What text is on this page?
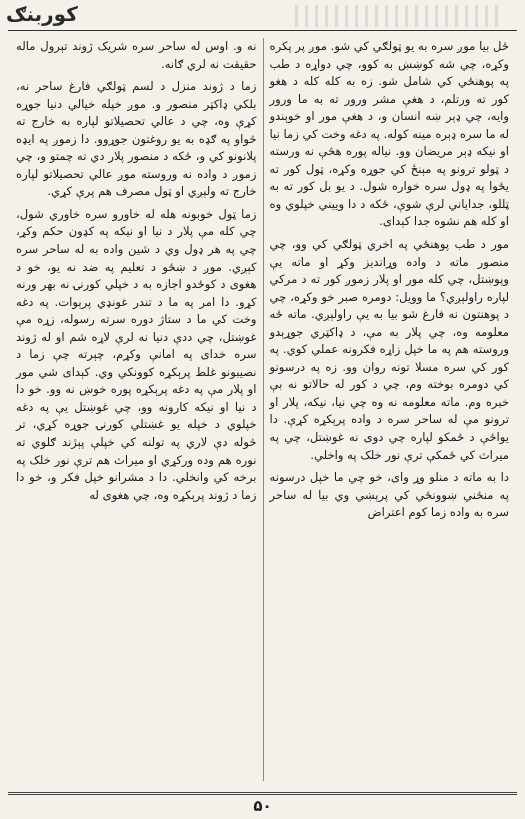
کوربنګ

ځل بیا موږ سره به یو ټولګي کي شو. موږ پر پکره وکړه، چي شه کوښښ به کوو، چي دواړه د طب په پوهنځي کي شامل شو. زه به کله کله د هغو کور ته ورتلم، د هغې مشر ورور ته به ما ورور وایه، چي ډېر ښه انسان و، د هغې مور او خوېندو له ما سره ډېره مینه کوله. په دغه وخت کي زما نیا او نیکه ډېر مریضان وو. نیاله پوره هڅې نه ورسته د ټولو ترونو په مېنځ کي جوړه وکړه، ټول کور ته یځوا په ډول سره خواره شول. د یو بل کور ته به ټللو، جدایاني لرې شوې، ځکه د دا وییني خپلوي وه او کله هم نشوه جدا کېدای.

مور د طب پوهنځي په اخري ټولګي کي وو، چي منصور ماته د واده وړاندیز وکړ او ماته یې وپوښتل، چي کله مور او پلار زموږ کور ته د مرکي لپاره راولېږي؟ ما وویل: دومره صبر خو وکړه، چي د پوهنتون نه فارغ شو بیا به یې راولېږي. ماته ځه معلومه وه، چي پلار به مې، د ډاکټري جوړېدو وروسته هم په ما خپل زاړه فکرونه عملي کوي. په کور کي سره مسلا تونه روان وو. زه په درسونو کي دومره بوخته وم، چي د کور له حالاتو نه بې خبره وم. ماته معلومه نه وه چي نیا، نیکه، پلار او ترونو مې له ساحر سره د واده پرېکړه کړې. دا یواځې د ځمکو لپاره چي دوی نه غوښتل، چي په میراث کي ځمکې ترې نور خلک په واخلي.

دا به ماته د منلو وړ وای، خو چي ما خپل درسونه په منځني ښوونځي کي پرېښي وي بیا له ساحر سره به واده زما کوم اعتراض

نه و. اوس له ساحر سره شریک ژوند تېرول ماله حقیقت نه لري ګانه.

زما د ژوند منزل د لسم ټولګي فارغ ساحر نه، بلکي ډاکټر منصور و. موږ خپله خیالي دنیا جوړه کړې وه، چي د عالي تحصیلاتو لپاره به خارج ته څواو په ګډه به یو روغتون جوړوو. دا زموږ په ایډه پلانونو کي و، ځکه د منصور پلار دي ته چمتو و، چي زموږ د واده نه وروسته موږ عالي تحصیلاتو لپاره خارج ته ولېږي او ټول مصرف هم پرې کړي.

زما ټول خوبونه هله له خاورو سره خاوري شول، چي کله مې پلار د نیا او نیکه په کډون حکم وکړ، چي په هر ډول وي د شین واده به له ساحر سره کېږي. موږ د ښځو د تعلیم په ضد نه یو، خو د هغوی د کوځدو اجازه به د خپلي کورنۍ نه بهر ورنه کړو. دا امر په ما د تندر غونډي پرېوات. په دغه وخت کي ما د ستاژ دوره سرته رسوله، زړه مې غوښتل، چي ددې دنیا نه لرې لاړه شم او له ژوند سره خدای په امانې وکړم، چېرته چې زما د نصیبونو غلط پرېکړه کوونکي وي. کېدای شي مور او پلار مې په دغه پرېکړه پوره خوښ نه وو. خو دا د نیا او نیکه کارونه وو، چي غوښتل یې په دغه خپلوي د خپله یو غښتلي کورنۍ جوړه کړي، تر څوله دې لاري په تولنه کي خپلې پېژند ګلوي ته نوره هم وده ورکړي او میراث هم ترې نور خلک په برخه کي وانخلي. دا د مشرانو خپل فکر و، خو دا زما د ژوند پرېکړه وه، چي هغوی له

۵۰
